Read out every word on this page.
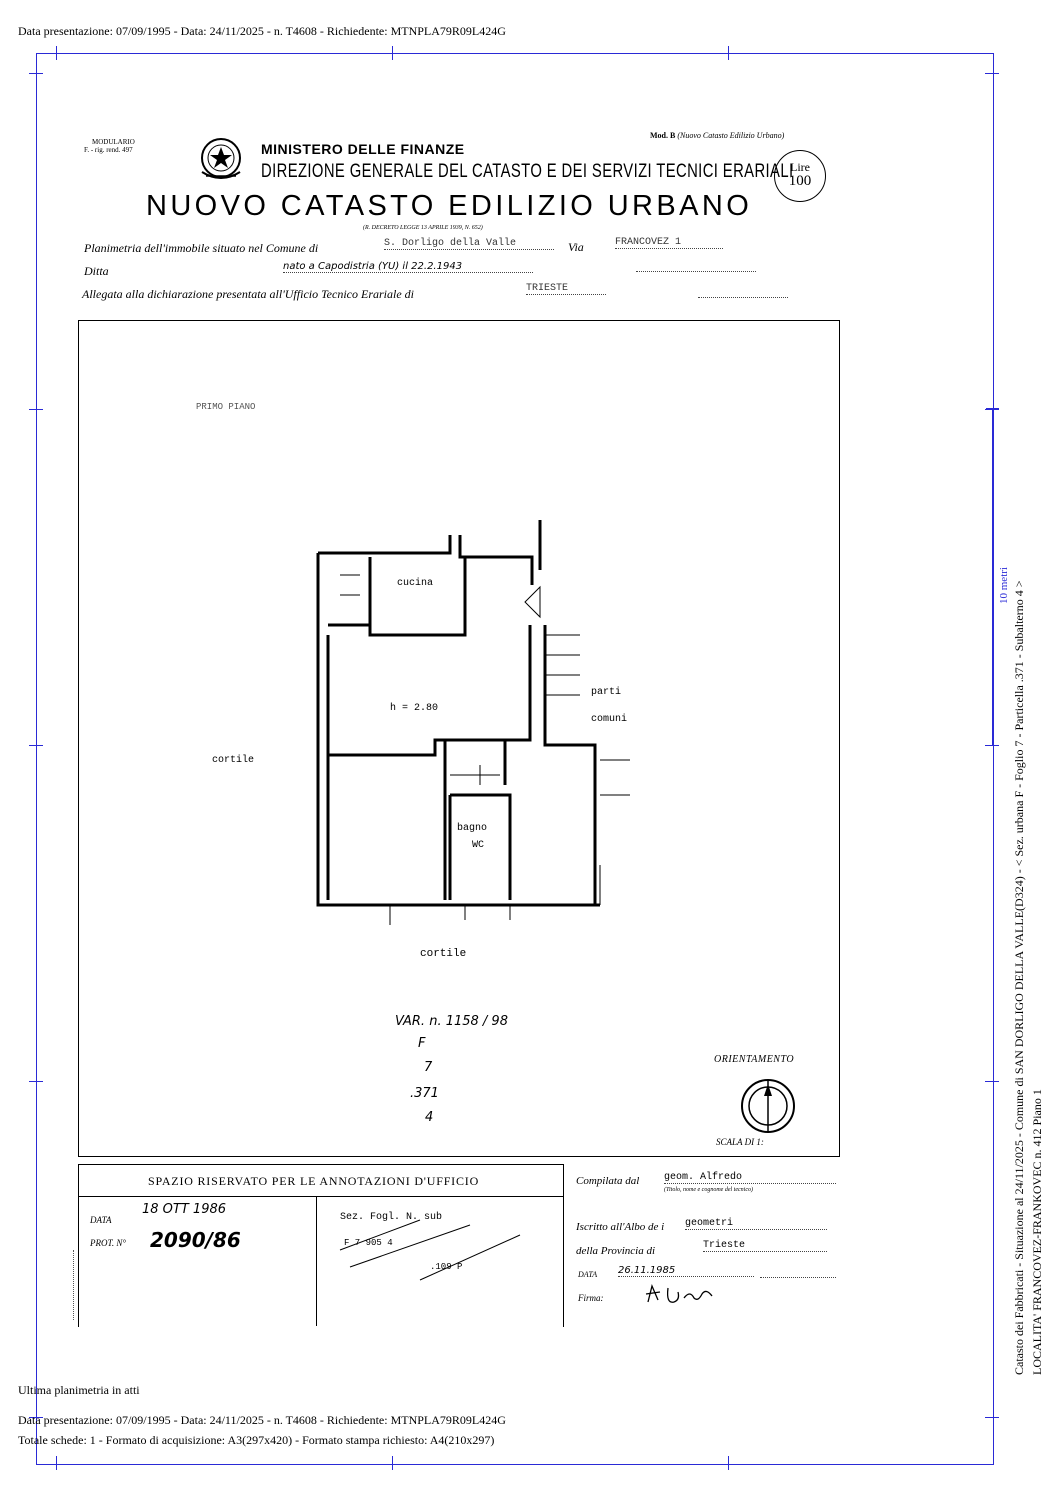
Data presentazione: 07/09/1995 - Data: 24/11/2025 - n. T4608 - Richiedente: MTNPLA79R09L424G
10 metri Catasto dei Fabbricati - Situazione al 24/11/2025 - Comune di SAN DORLIGO DELLA VALLE(D324) - < Sez. urbana F - Foglio 7 - Particella .371 - Subalterno 4 > LOCALITA' FRANCOVEZ-FRANKOVEC n. 412 Piano 1
MODULARIO
F. - rig. rend. 497	MINISTERO DELLE FINANZE
DIREZIONE GENERALE DEL CATASTO E DEI SERVIZI TECNICI ERARIALI
Mod. B (Nuovo Catasto Edilizio Urbano)
Lire
100
NUOVO CATASTO EDILIZIO URBANO
(R. DECRETO LEGGE 13 APRILE 1939, N. 652)
Planimetria dell'immobile situato nel Comune di	S. Dorligo della Valle	Via	FRANCOVEZ 1
Ditta	nato a Capodistria (YU) il 22.2.1943
Allegata alla dichiarazione presentata all'Ufficio Tecnico Erariale di	TRIESTE
PRIMO PIANO
cucina
h = 2.80
parti
comuni
cortile
bagno
WC
cortile
VAR. n. 1158 / 98
F
7
.371
4
ORIENTAMENTO
SCALA DI 1:
SPAZIO RISERVATO PER LE ANNOTAZIONI D'UFFICIO
DATA
18 OTT 1986
PROT. N° 2090/86
Sez. Fogl. N. sub
F 7 905 4
.109 P
Compilata dal geom. Alfredo
(Titolo, nome e cognome del tecnico)
Iscritto all'Albo de i geometri
della Provincia di	Trieste
DATA 26.11.1985
Firma:
Ultima planimetria in atti
Data presentazione: 07/09/1995 - Data: 24/11/2025 - n. T4608 - Richiedente: MTNPLA79R09L424G
Totale schede: 1 - Formato di acquisizione: A3(297x420) - Formato stampa richiesto: A4(210x297)
